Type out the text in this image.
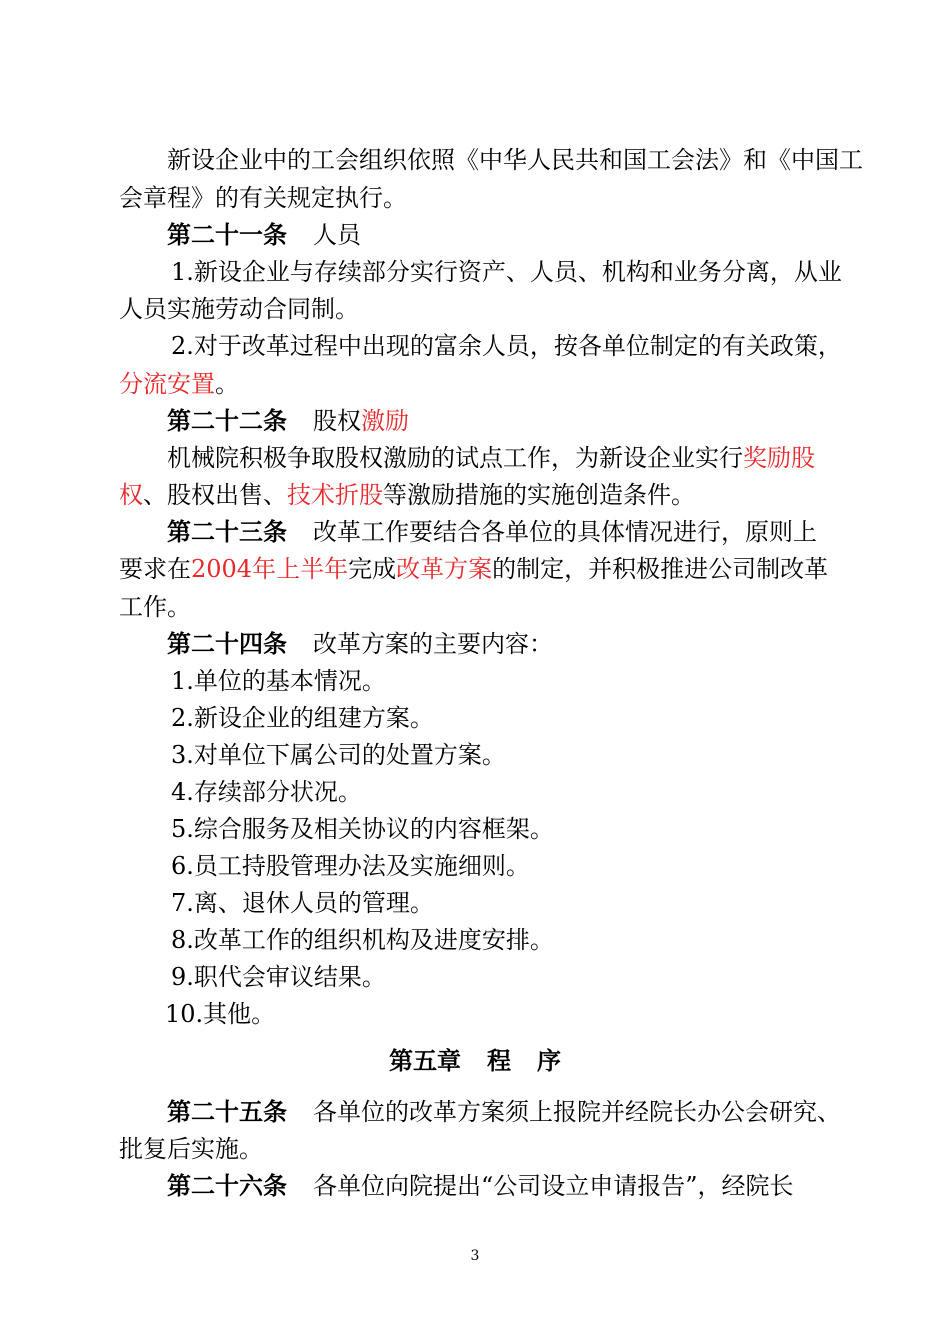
新设企业中的工会组织依照《中华人民共和国工会法》和《中国工
会章程》的有关规定执行。
第二十一条 人员
1.新设企业与存续部分实行资产、人员、机构和业务分离，从业
人员实施劳动合同制。
2.对于改革过程中出现的富余人员，按各单位制定的有关政策，
分流安置。
第二十二条 股权激励
机械院积极争取股权激励的试点工作，为新设企业实行奖励股
权、股权出售、技术折股等激励措施的实施创造条件。
第二十三条 改革工作要结合各单位的具体情况进行，原则上
要求在2004年上半年完成改革方案的制定，并积极推进公司制改革
工作。
第二十四条 改革方案的主要内容：
1.单位的基本情况。
2.新设企业的组建方案。
3.对单位下属公司的处置方案。
4.存续部分状况。
5.综合服务及相关协议的内容框架。
6.员工持股管理办法及实施细则。
7.离、退休人员的管理。
8.改革工作的组织机构及进度安排。
9.职代会审议结果。
10.其他。
第五章 程 序
第二十五条 各单位的改革方案须上报院并经院长办公会研究、
批复后实施。
第二十六条 各单位向院提出“公司设立申请报告”，经院长
3
